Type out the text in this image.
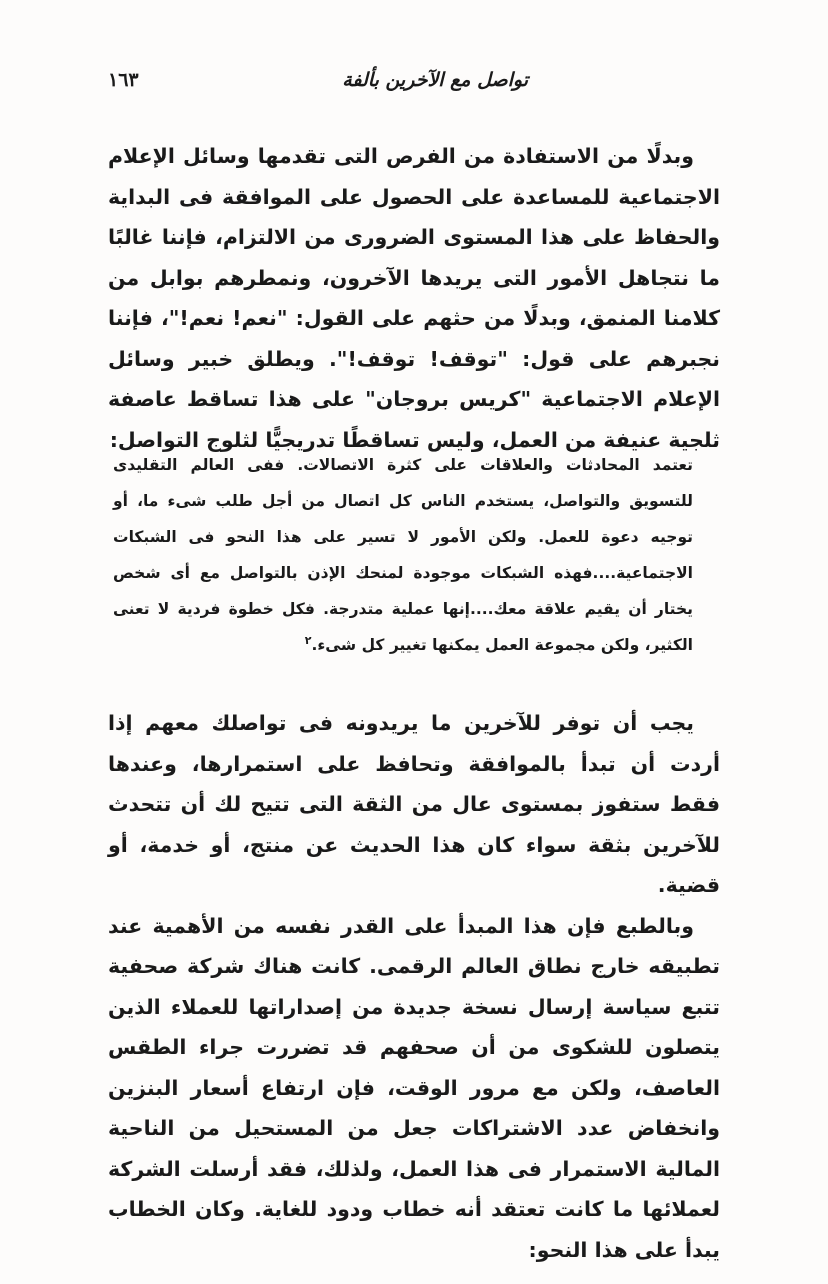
تواصل مع الآخرين بألفة
١٦٣

وبدلًا من الاستفادة من الفرص التى تقدمها وسائل الإعلام الاجتماعية للمساعدة على الحصول على الموافقة فى البداية والحفاظ على هذا المستوى الضرورى من الالتزام، فإننا غالبًا ما نتجاهل الأمور التى يريدها الآخرون، ونمطرهم بوابل من كلامنا المنمق، وبدلًا من حثهم على القول: "نعم! نعم!"، فإننا نجبرهم على قول: "توقف! توقف!". ويطلق خبير وسائل الإعلام الاجتماعية "كريس بروجان" على هذا تساقط عاصفة ثلجية عنيفة من العمل، وليس تساقطًا تدريجيًّا لثلوج التواصل:

تعتمد المحادثات والعلاقات على كثرة الاتصالات. ففى العالم التقليدى للتسويق والتواصل، يستخدم الناس كل اتصال من أجل طلب شىء ما، أو توجيه دعوة للعمل. ولكن الأمور لا تسير على هذا النحو فى الشبكات الاجتماعية....فهذه الشبكات موجودة لمنحك الإذن بالتواصل مع أى شخص يختار أن يقيم علاقة معك....إنها عملية متدرجة. فكل خطوة فردية لا تعنى الكثير، ولكن مجموعة العمل يمكنها تغيير كل شىء.$^٢$

يجب أن توفر للآخرين ما يريدونه فى تواصلك معهم إذا أردت أن تبدأ بالموافقة وتحافظ على استمرارها، وعندها فقط ستفوز بمستوى عال من الثقة التى تتيح لك أن تتحدث للآخرين بثقة سواء كان هذا الحديث عن منتج، أو خدمة، أو قضية.

وبالطبع فإن هذا المبدأ على القدر نفسه من الأهمية عند تطبيقه خارج نطاق العالم الرقمى. كانت هناك شركة صحفية تتبع سياسة إرسال نسخة جديدة من إصداراتها للعملاء الذين يتصلون للشكوى من أن صحفهم قد تضررت جراء الطقس العاصف، ولكن مع مرور الوقت، فإن ارتفاع أسعار البنزين وانخفاض عدد الاشتراكات جعل من المستحيل من الناحية المالية الاستمرار فى هذا العمل، ولذلك، فقد أرسلت الشركة لعملائها ما كانت تعتقد أنه خطاب ودود للغاية. وكان الخطاب يبدأ على هذا النحو:
